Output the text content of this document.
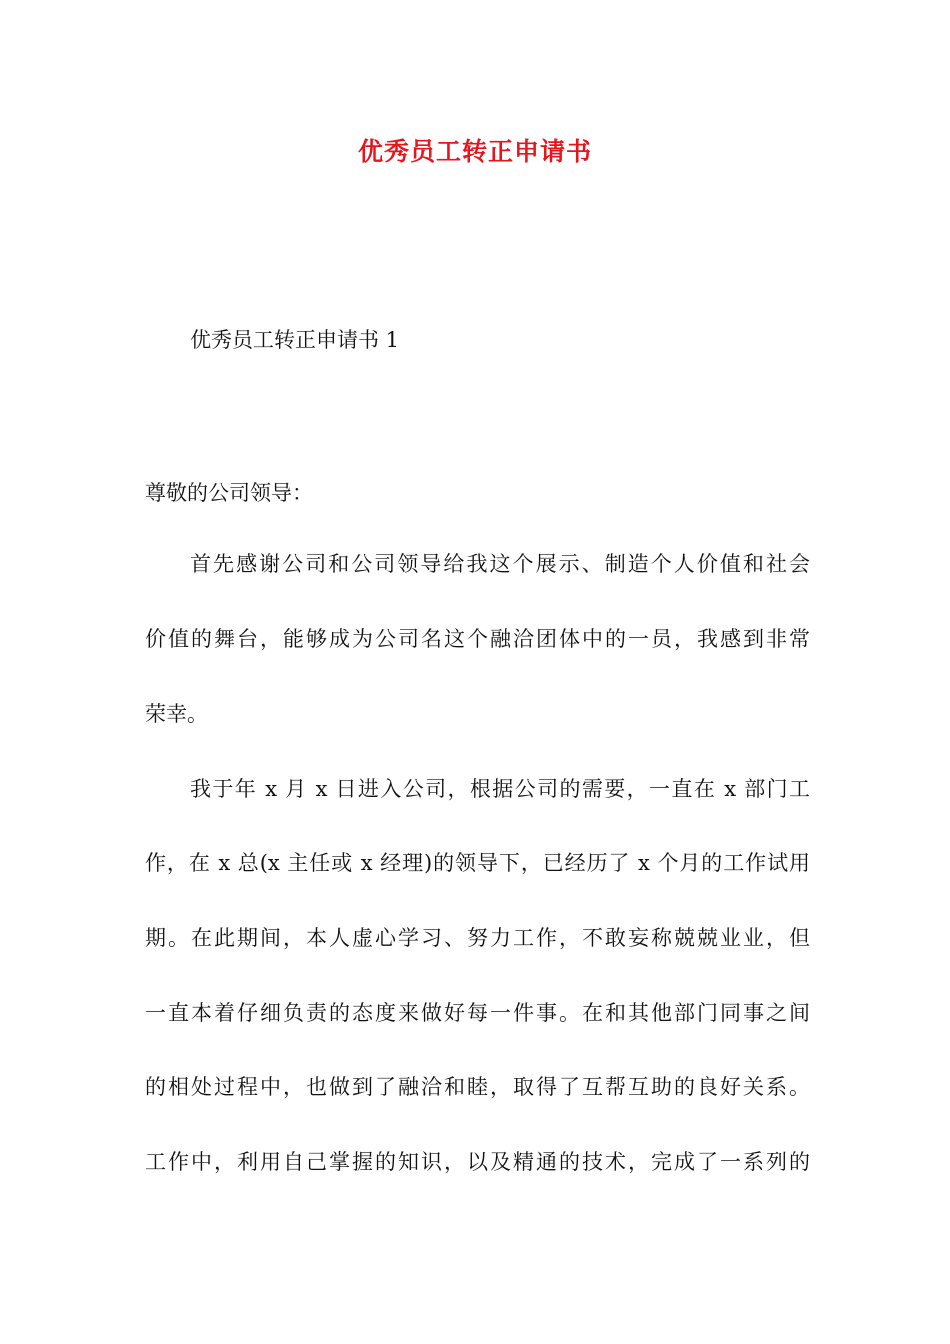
优秀员工转正申请书
优秀员工转正申请书 1
尊敬的公司领导：
首先感谢公司和公司领导给我这个展示、制造个人价值和社会
价值的舞台，能够成为公司名这个融洽团体中的一员，我感到非常
荣幸。
我于年 x 月 x 日进入公司，根据公司的需要，一直在 x 部门工
作，在 x 总(x 主任或 x 经理)的领导下，已经历了 x 个月的工作试用
期。在此期间，本人虚心学习、努力工作，不敢妄称兢兢业业，但
一直本着仔细负责的态度来做好每一件事。在和其他部门同事之间
的相处过程中，也做到了融洽和睦，取得了互帮互助的良好关系。
工作中，利用自己掌握的知识，以及精通的技术，完成了一系列的
